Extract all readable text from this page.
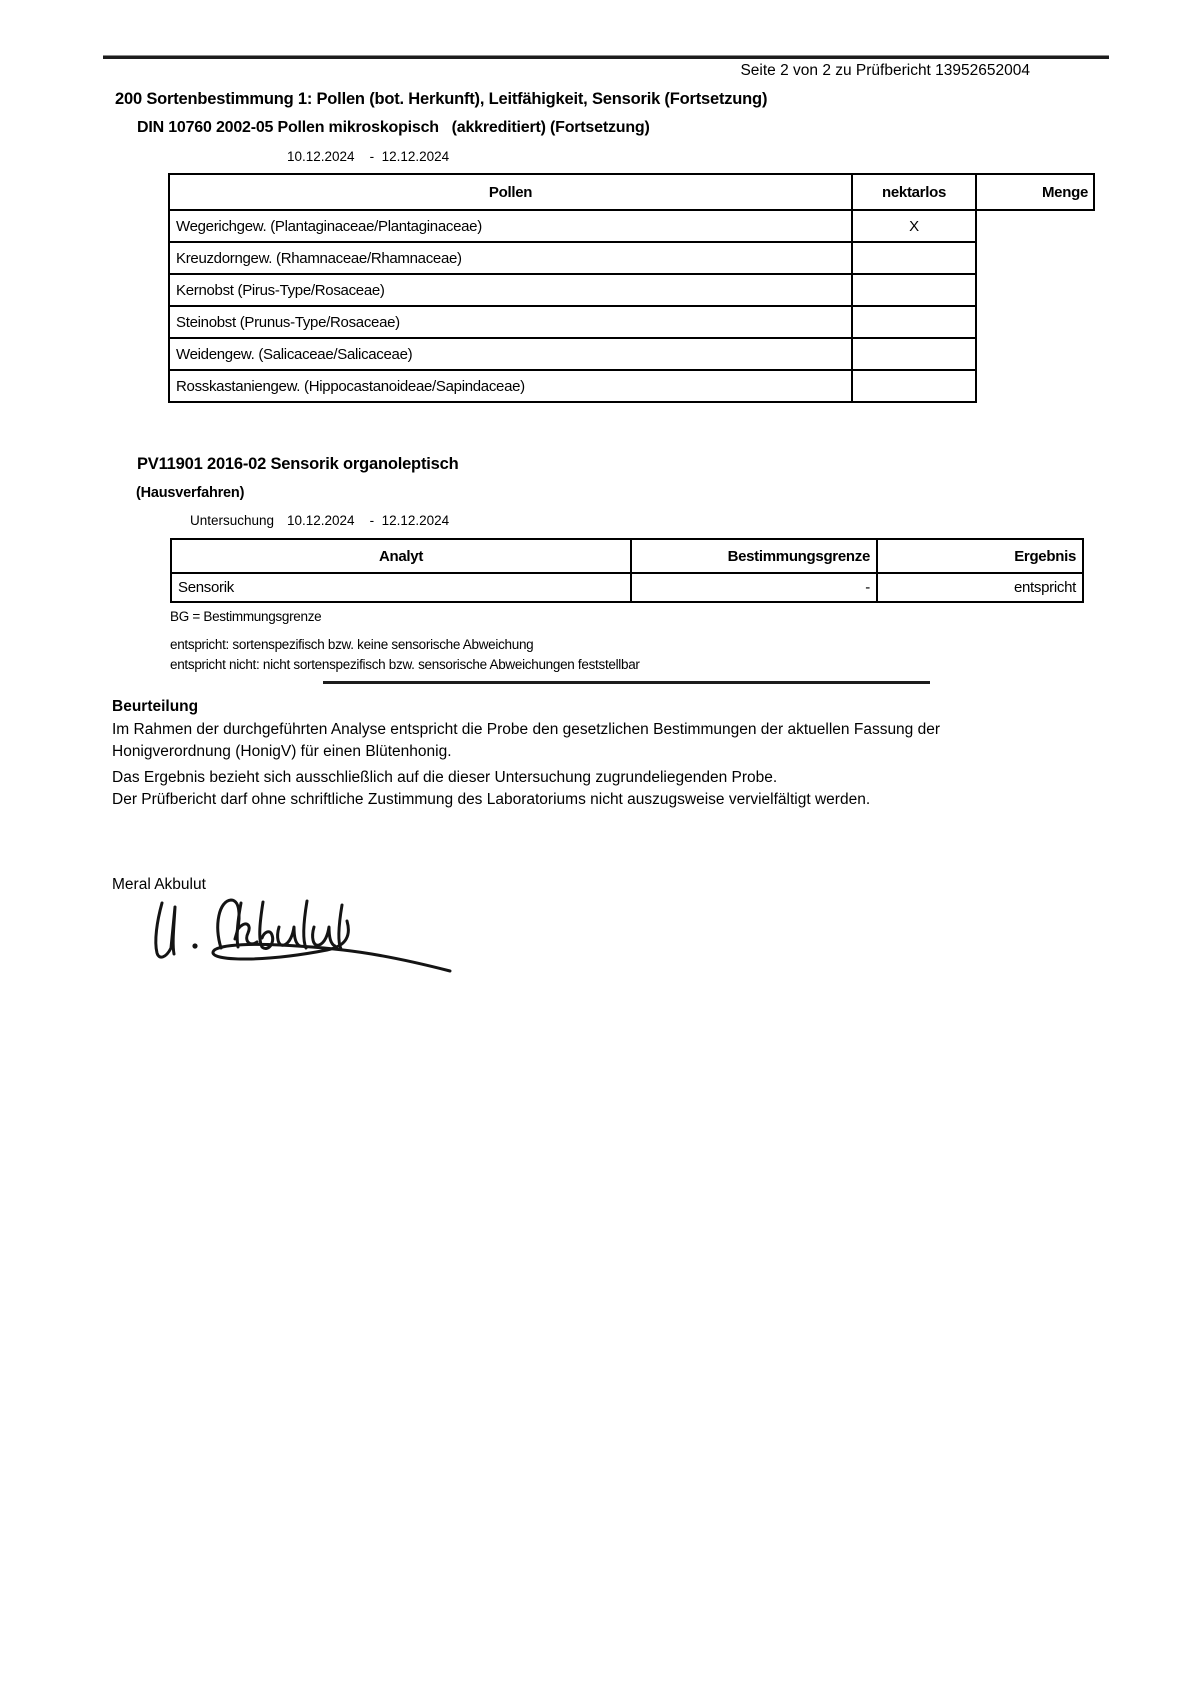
Seite 2 von 2 zu Prüfbericht 13952652004
200 Sortenbestimmung 1: Pollen (bot. Herkunft), Leitfähigkeit, Sensorik (Fortsetzung)
DIN 10760 2002-05 Pollen mikroskopisch   (akkreditiert) (Fortsetzung)
10.12.2024    -  12.12.2024
Pollen	nektarlos	Menge
Wegerichgew. (Plantaginaceae/Plantaginaceae)	X	
Kreuzdorngew. (Rhamnaceae/Rhamnaceae)		
Kernobst (Pirus-Type/Rosaceae)		
Steinobst (Prunus-Type/Rosaceae)		
Weidengew. (Salicaceae/Salicaceae)		
Rosskastaniengew. (Hippocastanoideae/Sapindaceae)		
PV11901 2016-02 Sensorik organoleptisch
(Hausverfahren)
Untersuchung 10.12.2024    -  12.12.2024
Analyt	Bestimmungsgrenze	Ergebnis
Sensorik	-	entspricht
BG = Bestimmungsgrenze
entspricht: sortenspezifisch bzw. keine sensorische Abweichung
entspricht nicht: nicht sortenspezifisch bzw. sensorische Abweichungen feststellbar
Beurteilung
Im Rahmen der durchgeführten Analyse entspricht die Probe den gesetzlichen Bestimmungen der aktuellen Fassung der Honigverordnung (HonigV) für einen Blütenhonig.
Das Ergebnis bezieht sich ausschließlich auf die dieser Untersuchung zugrundeliegenden Probe.
Der Prüfbericht darf ohne schriftliche Zustimmung des Laboratoriums nicht auszugsweise vervielfältigt werden.
Meral Akbulut
